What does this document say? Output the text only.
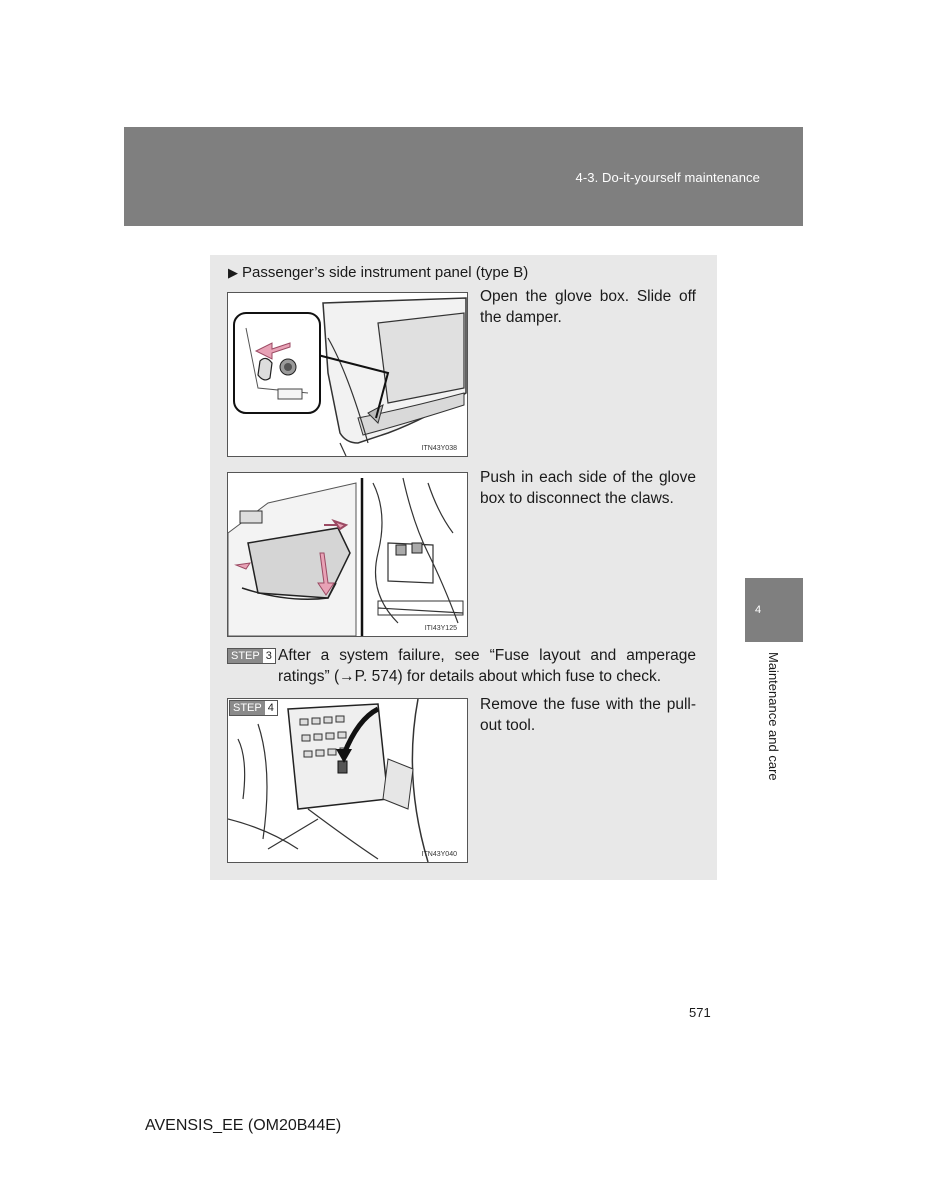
4-3. Do-it-yourself maintenance
▶ Passenger’s side instrument panel (type B)
ITN43Y038
Open the glove box. Slide off the damper.
ITI43Y125
Push in each side of the glove box to disconnect the claws.
STEP 3 After a system failure, see “Fuse layout and amperage ratings” (→P. 574) for details about which fuse to check.
STEP 4
ITN43Y040
Remove the fuse with the pull-out tool.
4
Maintenance and care
571
AVENSIS_EE (OM20B44E)
